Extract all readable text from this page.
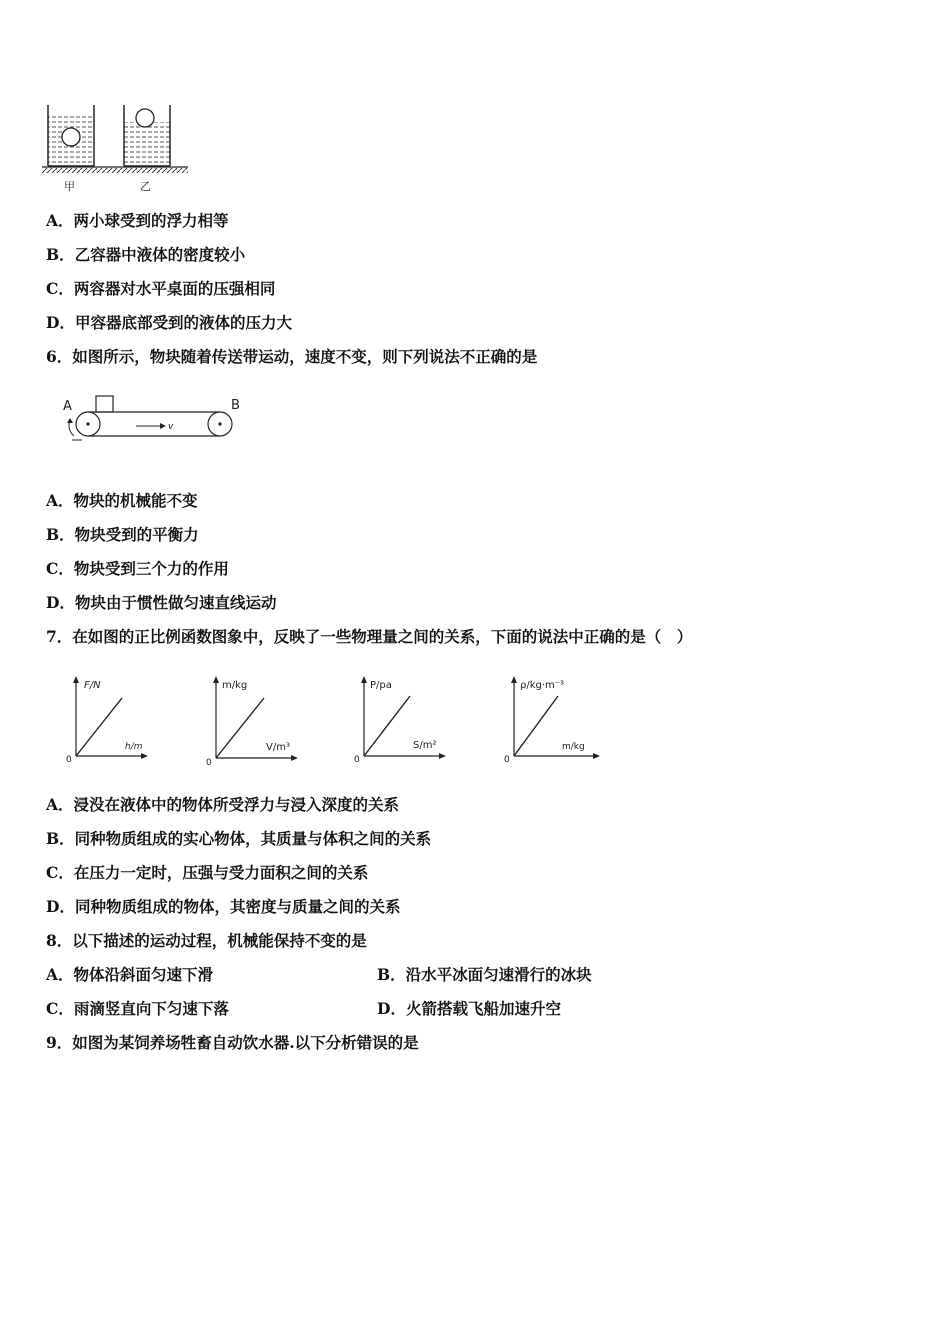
甲	乙
A．两小球受到的浮力相等
B．乙容器中液体的密度较小
C．两容器对水平桌面的压强相同
D．甲容器底部受到的液体的压力大
6．如图所示，物块随着传送带运动，速度不变，则下列说法不正确的是
A	B
v
A．物块的机械能不变
B．物块受到的平衡力
C．物块受到三个力的作用
D．物块由于惯性做匀速直线运动
7．在如图的正比例函数图象中，反映了一些物理量之间的关系，下面的说法中正确的是（　）
F/N
h/m
0
m/kg
V/m³
0
P/pa
S/m²
0
ρ/kg·m⁻³
m/kg
0
A．浸没在液体中的物体所受浮力与浸入深度的关系
B．同种物质组成的实心物体，其质量与体积之间的关系
C．在压力一定时，压强与受力面积之间的关系
D．同种物质组成的物体，其密度与质量之间的关系
8．以下描述的运动过程，机械能保持不变的是
A．物体沿斜面匀速下滑	B．沿水平冰面匀速滑行的冰块
C．雨滴竖直向下匀速下落	D．火箭搭载飞船加速升空
9．如图为某饲养场牲畜自动饮水器.以下分析错误的是
